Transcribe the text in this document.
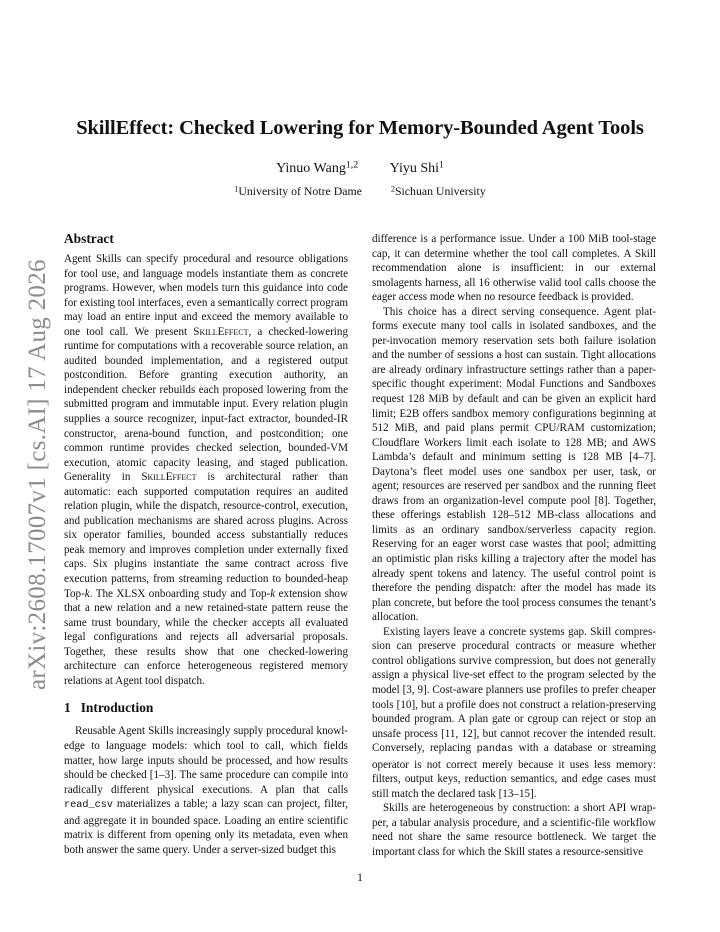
arXiv:2608.17007v1 [cs.AI] 17 Aug 2026
SkillEffect: Checked Lowering for Memory-Bounded Agent Tools
Yinuo Wang$^{1,2}$ Yiyu Shi$^1$
$^1$University of Notre Dame	$^2$Sichuan University
Abstract

Agent Skills can specify procedural and resource obligations for tool use, and language models instantiate them as concrete programs. However, when models turn this guidance into code for existing tool interfaces, even a semantically correct program may load an entire input and exceed the memory available to one tool call. We present SkillEffect, a checked-lowering runtime for computations with a recoverable source relation, an audited bounded implementation, and a registered output postcondition. Before granting execution authority, an independent checker rebuilds each proposed lowering from the submitted program and immutable input. Every relation plugin supplies a source recognizer, input-fact extractor, bounded-IR constructor, arena-bound function, and postcondition; one common runtime provides checked selection, bounded-VM execution, atomic capacity leasing, and staged publication. Generality in SkillEffect is architectural rather than automatic: each supported computation requires an audited relation plugin, while the dispatch, resource-control, execution, and publication mechanisms are shared across plugins. Across six operator families, bounded access substantially reduces peak memory and improves completion under externally fixed caps. Six plugins instantiate the same contract across five execution patterns, from streaming reduction to bounded-heap Top-k. The XLSX onboarding study and Top-k extension show that a new relation and a new retained-state pattern reuse the same trust boundary, while the checker accepts all evaluated legal configurations and rejects all adversarial proposals. Together, these results show that one checked-lowering architecture can enforce heterogeneous registered memory relations at Agent tool dispatch.

1 Introduction

Reusable Agent Skills increasingly supply procedural knowledge to language models: which tool to call, which fields matter, how large inputs should be processed, and how results should be checked [1–3]. The same procedure can compile into radically different physical executions. A plan that calls read_csv materializes a table; a lazy scan can project, filter, and aggregate it in bounded space. Loading an entire scientific matrix is different from opening only its metadata, even when both answer the same query. Under a server-sized budget this

difference is a performance issue. Under a 100 MiB tool-stage cap, it can determine whether the tool call completes. A Skill recommendation alone is insufficient: in our external smolagents harness, all 16 otherwise valid tool calls choose the eager access mode when no resource feedback is provided.

This choice has a direct serving consequence. Agent platforms execute many tool calls in isolated sandboxes, and the per-invocation memory reservation sets both failure isolation and the number of sessions a host can sustain. Tight allocations are already ordinary infrastructure settings rather than a paper-specific thought experiment: Modal Functions and Sandboxes request 128 MiB by default and can be given an explicit hard limit; E2B offers sandbox memory configurations beginning at 512 MiB, and paid plans permit CPU/RAM customization; Cloudflare Workers limit each isolate to 128 MB; and AWS Lambda’s default and minimum setting is 128 MB [4–7]. Daytona’s fleet model uses one sandbox per user, task, or agent; resources are reserved per sandbox and the running fleet draws from an organization-level compute pool [8]. Together, these offerings establish 128–512 MB-class allocations and limits as an ordinary sandbox/serverless capacity region. Reserving for an eager worst case wastes that pool; admitting an optimistic plan risks killing a trajectory after the model has already spent tokens and latency. The useful control point is therefore the pending dispatch: after the model has made its plan concrete, but before the tool process consumes the tenant’s allocation.

Existing layers leave a concrete systems gap. Skill compression can preserve procedural contracts or measure whether control obligations survive compression, but does not generally assign a physical live-set effect to the program selected by the model [3, 9]. Cost-aware planners use profiles to prefer cheaper tools [10], but a profile does not construct a relation-preserving bounded program. A plan gate or cgroup can reject or stop an unsafe process [11, 12], but cannot recover the intended result. Conversely, replacing pandas with a database or streaming operator is not correct merely because it uses less memory: filters, output keys, reduction semantics, and edge cases must still match the declared task [13–15].

Skills are heterogeneous by construction: a short API wrapper, a tabular analysis procedure, and a scientific-file workflow need not share the same resource bottleneck. We target the important class for which the Skill states a resource-sensitive

1
